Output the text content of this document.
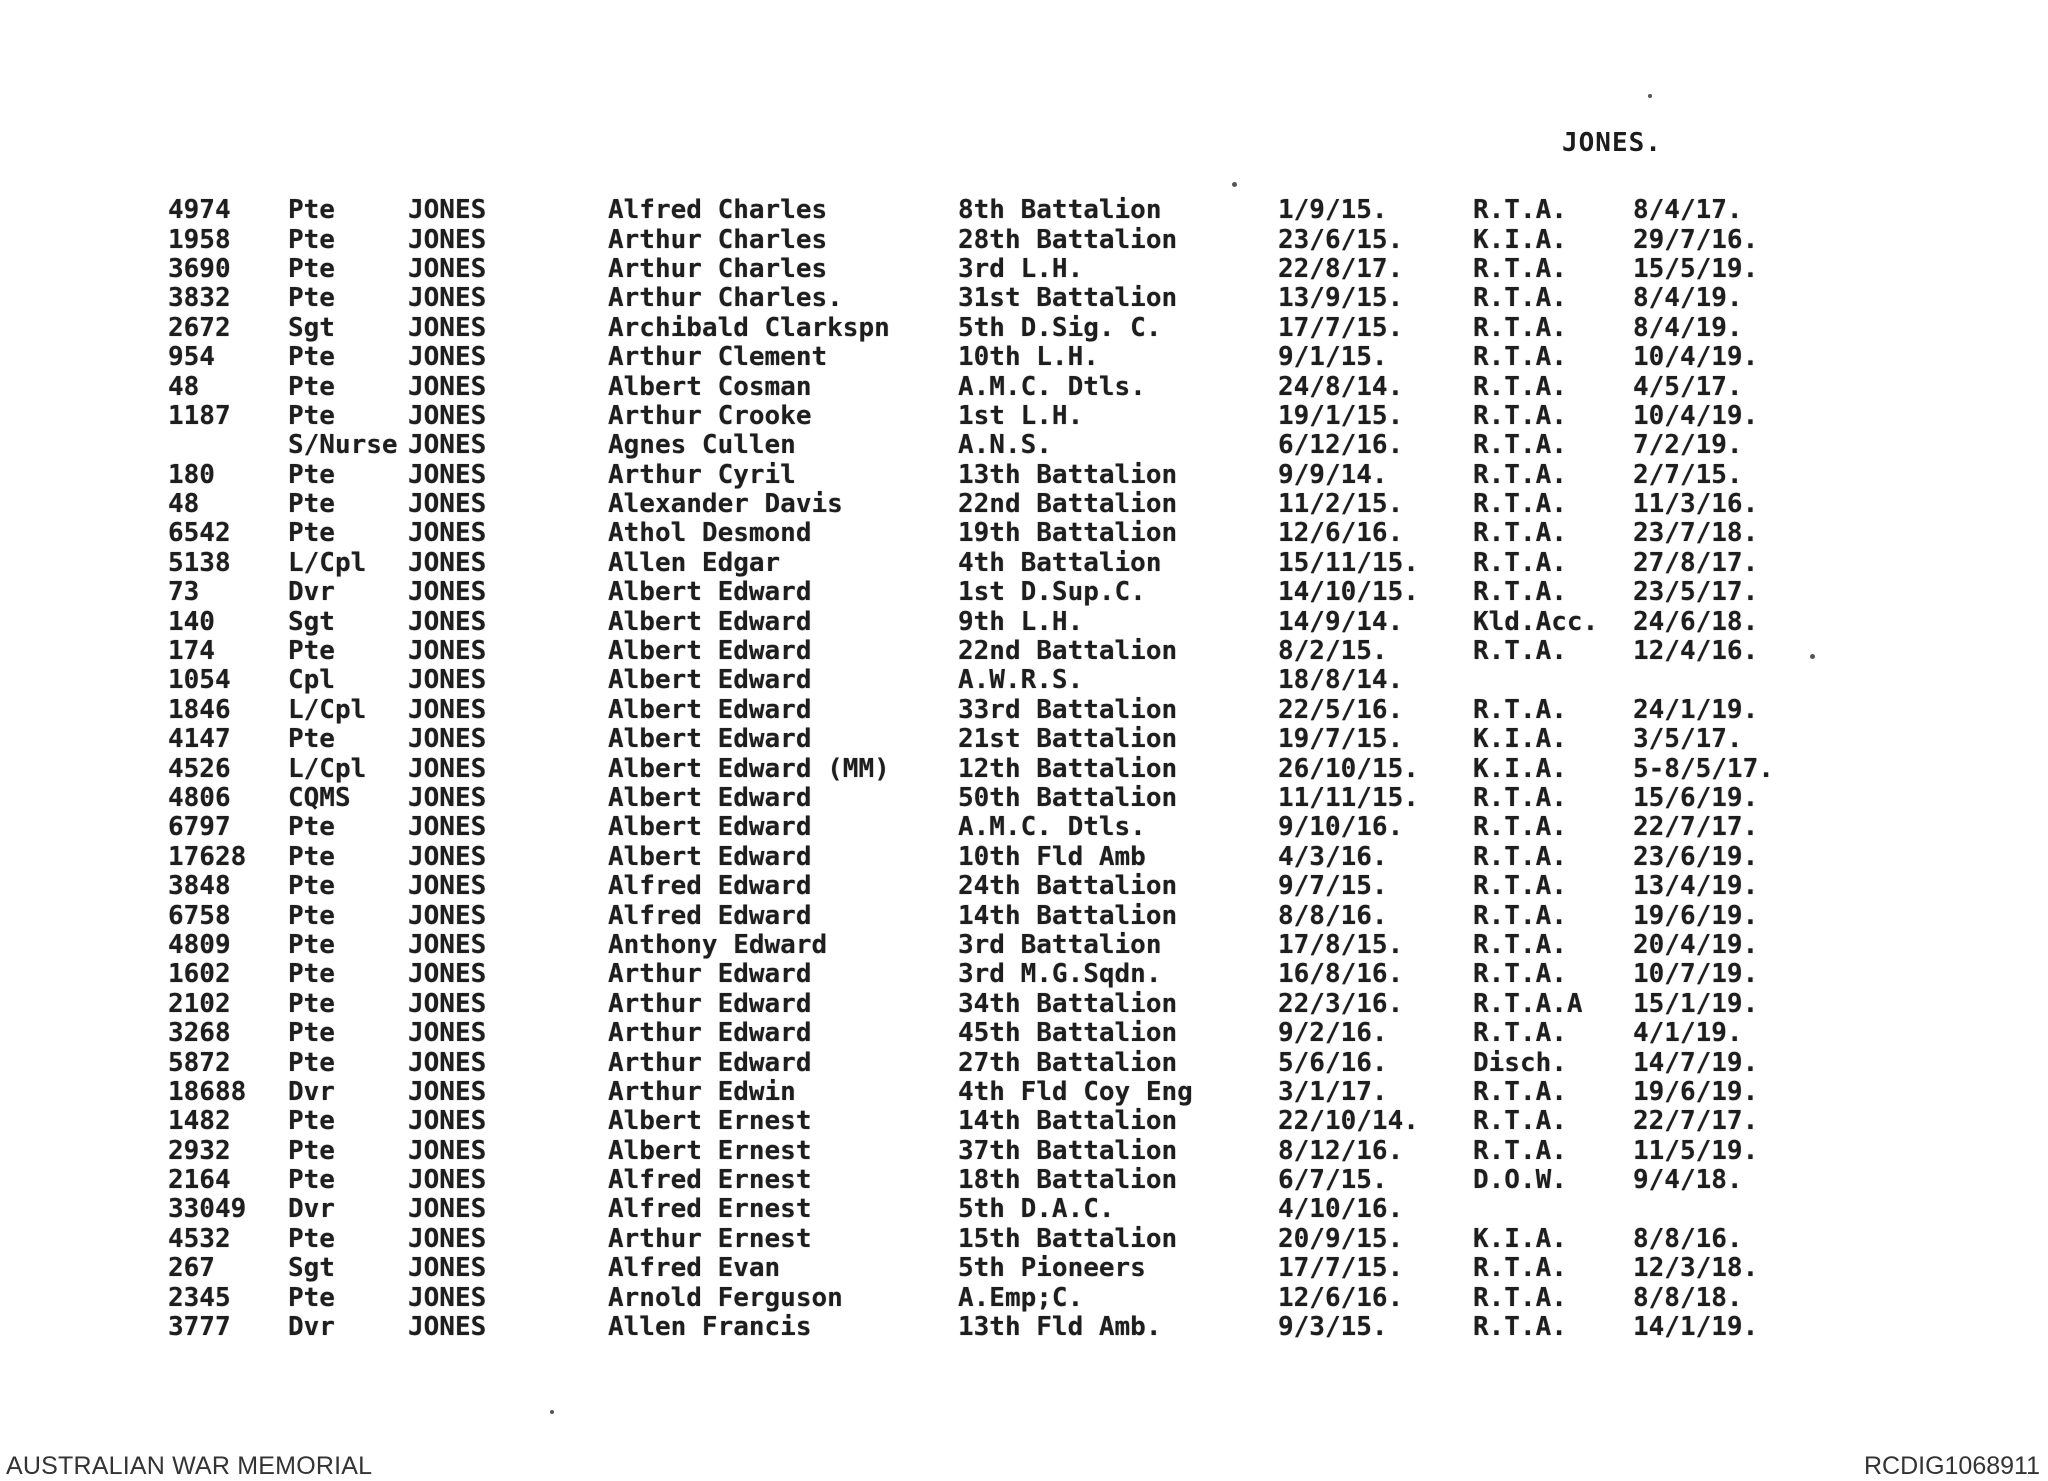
JONES.
4974	Pte	JONES	Alfred Charles	8th Battalion	1/9/15.	R.T.A.	8/4/17.
1958	Pte	JONES	Arthur Charles	28th Battalion	23/6/15.	K.I.A.	29/7/16.
3690	Pte	JONES	Arthur Charles	3rd L.H.	22/8/17.	R.T.A.	15/5/19.
3832	Pte	JONES	Arthur Charles.	31st Battalion	13/9/15.	R.T.A.	8/4/19.
2672	Sgt	JONES	Archibald Clarkspn	5th D.Sig. C.	17/7/15.	R.T.A.	8/4/19.
954	Pte	JONES	Arthur Clement	10th L.H.	9/1/15.	R.T.A.	10/4/19.
48	Pte	JONES	Albert Cosman	A.M.C. Dtls.	24/8/14.	R.T.A.	4/5/17.
1187	Pte	JONES	Arthur Crooke	1st L.H.	19/1/15.	R.T.A.	10/4/19.
	S/Nurse	JONES	Agnes Cullen	A.N.S.	6/12/16.	R.T.A.	7/2/19.
180	Pte	JONES	Arthur Cyril	13th Battalion	9/9/14.	R.T.A.	2/7/15.
48	Pte	JONES	Alexander Davis	22nd Battalion	11/2/15.	R.T.A.	11/3/16.
6542	Pte	JONES	Athol Desmond	19th Battalion	12/6/16.	R.T.A.	23/7/18.
5138	L/Cpl	JONES	Allen Edgar	4th Battalion	15/11/15.	R.T.A.	27/8/17.
73	Dvr	JONES	Albert Edward	1st D.Sup.C.	14/10/15.	R.T.A.	23/5/17.
140	Sgt	JONES	Albert Edward	9th L.H.	14/9/14.	Kld.Acc.	24/6/18.
174	Pte	JONES	Albert Edward	22nd Battalion	8/2/15.	R.T.A.	12/4/16.
1054	Cpl	JONES	Albert Edward	A.W.R.S.	18/8/14.		
1846	L/Cpl	JONES	Albert Edward	33rd Battalion	22/5/16.	R.T.A.	24/1/19.
4147	Pte	JONES	Albert Edward	21st Battalion	19/7/15.	K.I.A.	3/5/17.
4526	L/Cpl	JONES	Albert Edward (MM)	12th Battalion	26/10/15.	K.I.A.	5-8/5/17.
4806	CQMS	JONES	Albert Edward	50th Battalion	11/11/15.	R.T.A.	15/6/19.
6797	Pte	JONES	Albert Edward	A.M.C. Dtls.	9/10/16.	R.T.A.	22/7/17.
17628	Pte	JONES	Albert Edward	10th Fld Amb	4/3/16.	R.T.A.	23/6/19.
3848	Pte	JONES	Alfred Edward	24th Battalion	9/7/15.	R.T.A.	13/4/19.
6758	Pte	JONES	Alfred Edward	14th Battalion	8/8/16.	R.T.A.	19/6/19.
4809	Pte	JONES	Anthony Edward	3rd Battalion	17/8/15.	R.T.A.	20/4/19.
1602	Pte	JONES	Arthur Edward	3rd M.G.Sqdn.	16/8/16.	R.T.A.	10/7/19.
2102	Pte	JONES	Arthur Edward	34th Battalion	22/3/16.	R.T.A.A	15/1/19.
3268	Pte	JONES	Arthur Edward	45th Battalion	9/2/16.	R.T.A.	4/1/19.
5872	Pte	JONES	Arthur Edward	27th Battalion	5/6/16.	Disch.	14/7/19.
18688	Dvr	JONES	Arthur Edwin	4th Fld Coy Eng	3/1/17.	R.T.A.	19/6/19.
1482	Pte	JONES	Albert Ernest	14th Battalion	22/10/14.	R.T.A.	22/7/17.
2932	Pte	JONES	Albert Ernest	37th Battalion	8/12/16.	R.T.A.	11/5/19.
2164	Pte	JONES	Alfred Ernest	18th Battalion	6/7/15.	D.O.W.	9/4/18.
33049	Dvr	JONES	Alfred Ernest	5th D.A.C.	4/10/16.		
4532	Pte	JONES	Arthur Ernest	15th Battalion	20/9/15.	K.I.A.	8/8/16.
267	Sgt	JONES	Alfred Evan	5th Pioneers	17/7/15.	R.T.A.	12/3/18.
2345	Pte	JONES	Arnold Ferguson	A.Emp;C.	12/6/16.	R.T.A.	8/8/18.
3777	Dvr	JONES	Allen Francis	13th Fld Amb.	9/3/15.	R.T.A.	14/1/19.
AUSTRALIAN WAR MEMORIAL	RCDIG1068911
